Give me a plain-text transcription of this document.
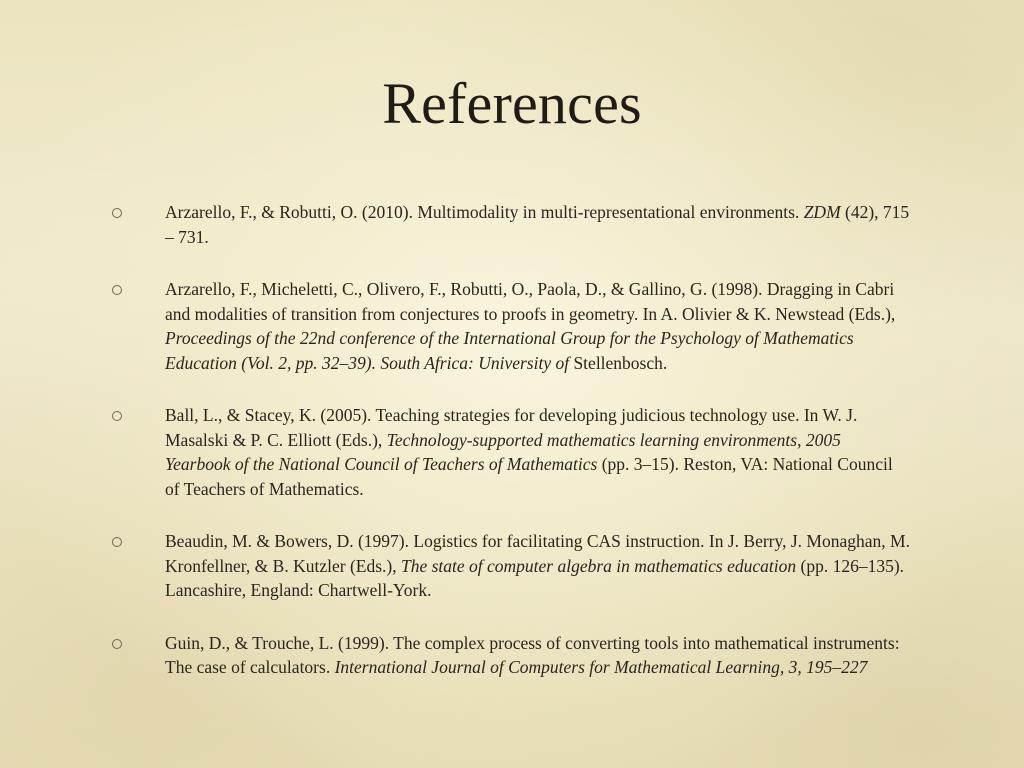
References
Arzarello, F., & Robutti, O. (2010). Multimodality in multi-representational environments. ZDM (42), 715 – 731.
Arzarello, F., Micheletti, C., Olivero, F., Robutti, O., Paola, D., & Gallino, G. (1998). Dragging in Cabri and modalities of transition from conjectures to proofs in geometry. In A. Olivier & K. Newstead (Eds.), Proceedings of the 22nd conference of the International Group for the Psychology of Mathematics Education (Vol. 2, pp. 32–39). South Africa: University of Stellenbosch.
Ball, L., & Stacey, K. (2005). Teaching strategies for developing judicious technology use. In W. J. Masalski & P. C. Elliott (Eds.), Technology-supported mathematics learning environments, 2005 Yearbook of the National Council of Teachers of Mathematics (pp. 3–15). Reston, VA: National Council of Teachers of Mathematics.
Beaudin, M. & Bowers, D. (1997). Logistics for facilitating CAS instruction. In J. Berry, J. Monaghan, M. Kronfellner, & B. Kutzler (Eds.), The state of computer algebra in mathematics education (pp. 126–135). Lancashire, England: Chartwell-York.
Guin, D., & Trouche, L. (1999). The complex process of converting tools into mathematical instruments: The case of calculators. International Journal of Computers for Mathematical Learning, 3, 195–227
